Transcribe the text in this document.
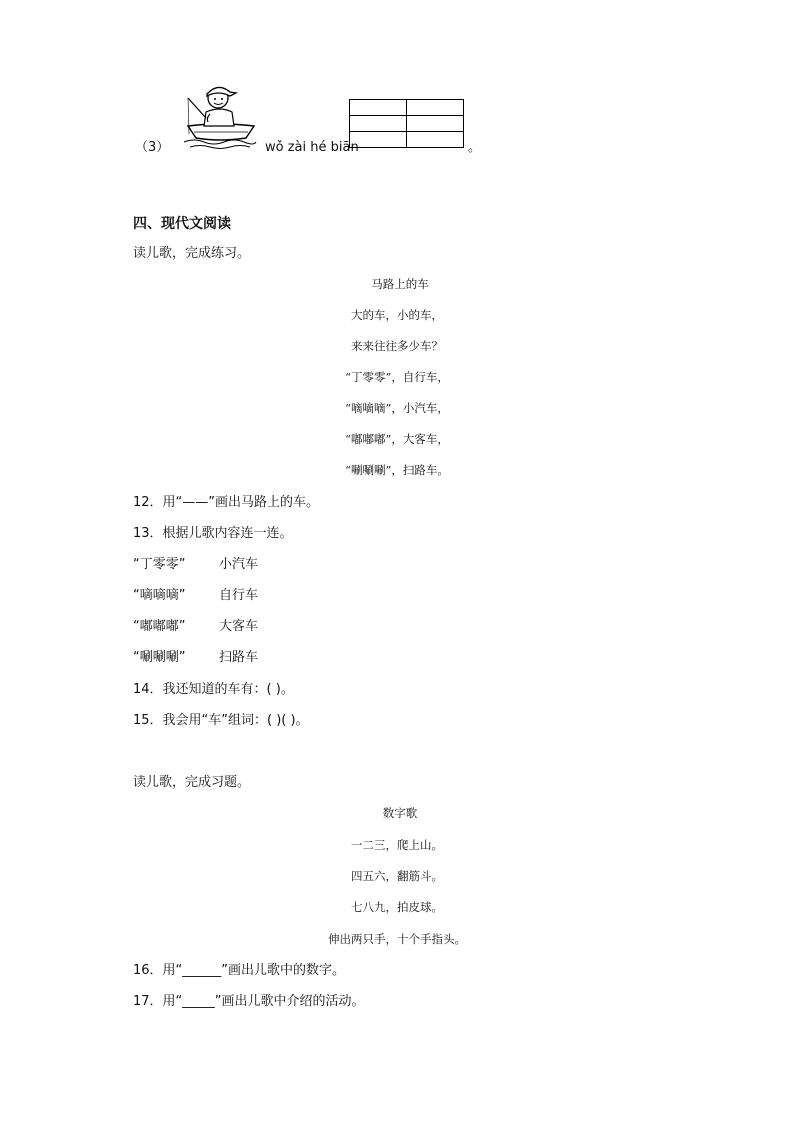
（3）	wǒ zài hé biān

		。
四、现代文阅读
读儿歌，完成练习。
马路上的车
大的车，小的车，
来来往往多少车？
“丁零零”，自行车，
“嘀嘀嘀”，小汽车，
“嘟嘟嘟”，大客车，
“唰唰唰”，扫路车。
12．用“——”画出马路上的车。
13．根据儿歌内容连一连。
“丁零零”	小汽车
“嘀嘀嘀”	自行车
“嘟嘟嘟”	大客车
“唰唰唰”	扫路车
14．我还知道的车有：( )。
15．我会用“车”组词：( )( )。
读儿歌，完成习题。
数字歌
一二三，爬上山。
四五六，翻筋斗。
七八九，拍皮球。
伸出两只手，十个手指头。
16．用“______”画出儿歌中的数字。
17．用“_____”画出儿歌中介绍的活动。
